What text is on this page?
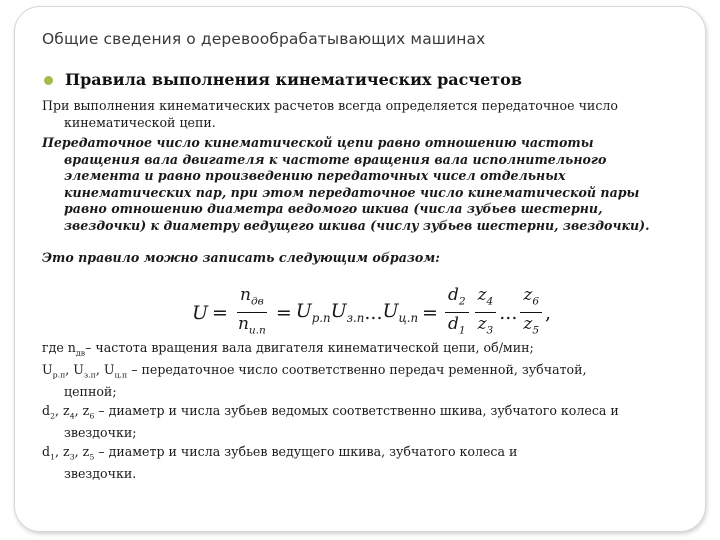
Общие сведения о деревообрабатывающих машинах
Правила выполнения кинематических расчетов
При выполнения кинематических расчетов всегда определяется передаточное число
кинематической цепи.
Передаточное число кинематической цепи равно отношению частоты
вращения вала двигателя к частоте вращения вала исполнительного
элемента и равно произведению передаточных чисел отдельных
кинематических пар, при этом передаточное число кинематической пары
равно отношению диаметра ведомого шкива (числа зубьев шестерни,
звездочки) к диаметру ведущего шкива (числу зубьев шестерни, звездочки).
Это правило можно записать следующим образом:
$U = \frac{n_{дв}}{n_{и.п}} = U_{р.п}$ $U_{з.п}$ ... $U_{ц.п} = \frac{d_2}{d_1} \frac{z_4}{z_3}$ ... $\frac{z_6}{z_5}$ ,
где $n_{дв}-$ частота вращения вала двигателя кинематической цепи, об/мин;
$U_{р.п}$, $U_{з.п}$, $U_{ц.п}$ – передаточное число соответственно передач ременной, зубчатой,
цепной;
$d_2$, $z_4$, $z_6$ – диаметр и числа зубьев ведомых соответственно шкива, зубчатого колеса и
звездочки;
$d_1$, $z_3$, $z_5$ – диаметр и числа зубьев ведущего шкива, зубчатого колеса и
звездочки.
